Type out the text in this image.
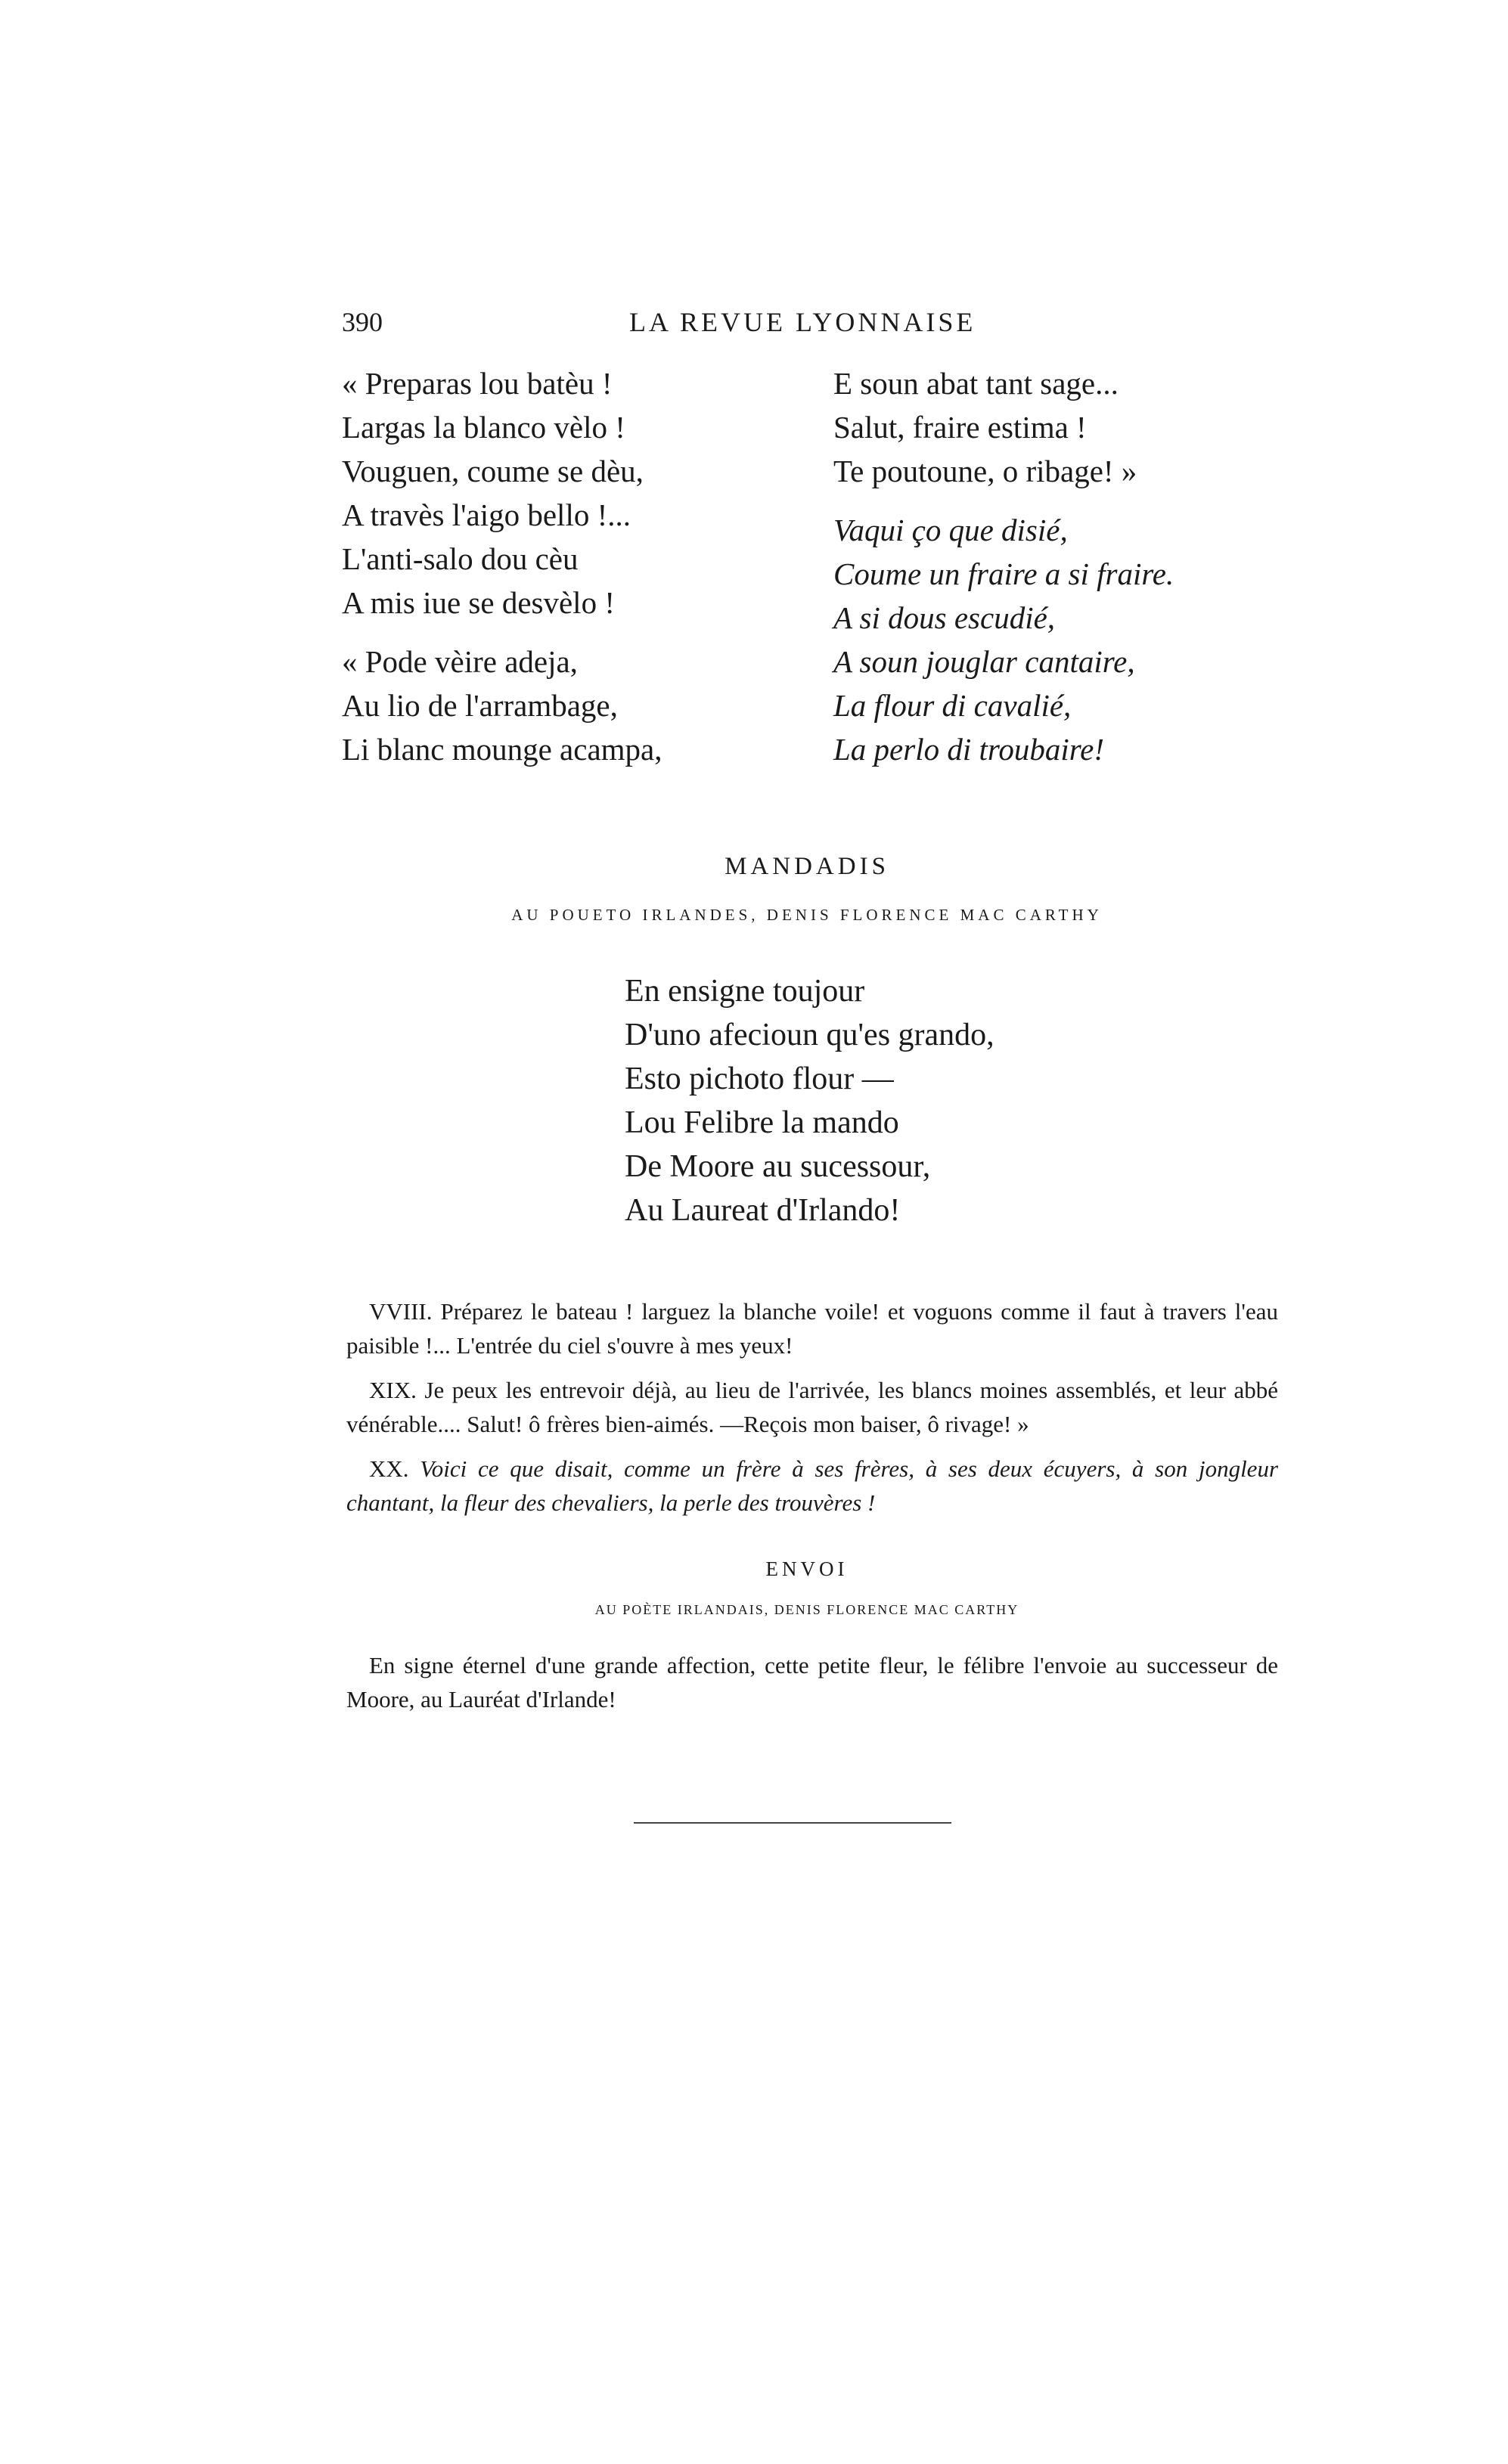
390	LA REVUE LYONNAISE
« Preparas lou batèu !
Largas la blanco vèlo !
Vouguen, coume se dèu,
A travès l'aigo bello !...
L'anti-salo dou cèu
A mis iue se desvèlo !
« Pode vèire adeja,
Au lio de l'arrambage,
Li blanc mounge acampa,
E soun abat tant sage...
Salut, fraire estima !
Te poutoune, o ribage! »
Vaqui ço que disié,
Coume un fraire a si fraire.
A si dous escudié,
A soun jouglar cantaire,
La flour di cavalié,
La perlo di troubaire!
MANDADIS
AU POUETO IRLANDES, DENIS FLORENCE MAC CARTHY
En ensigne toujour
D'uno afecioun qu'es grando,
Esto pichoto flour —
Lou Felibre la mando
De Moore au sucessour,
Au Laureat d'Irlando!

VVIII. Préparez le bateau ! larguez la blanche voile! et voguons comme il faut à travers l'eau paisible !... L'entrée du ciel s'ouvre à mes yeux!

XIX. Je peux les entrevoir déjà, au lieu de l'arrivée, les blancs moines assemblés, et leur abbé vénérable.... Salut! ô frères bien-aimés. —Reçois mon baiser, ô rivage! »

XX. Voici ce que disait, comme un frère à ses frères, à ses deux écuyers, à son jongleur chantant, la fleur des chevaliers, la perle des trouvères !

ENVOI
AU POÈTE IRLANDAIS, DENIS FLORENCE MAC CARTHY

En signe éternel d'une grande affection, cette petite fleur, le félibre l'envoie au successeur de Moore, au Lauréat d'Irlande!
